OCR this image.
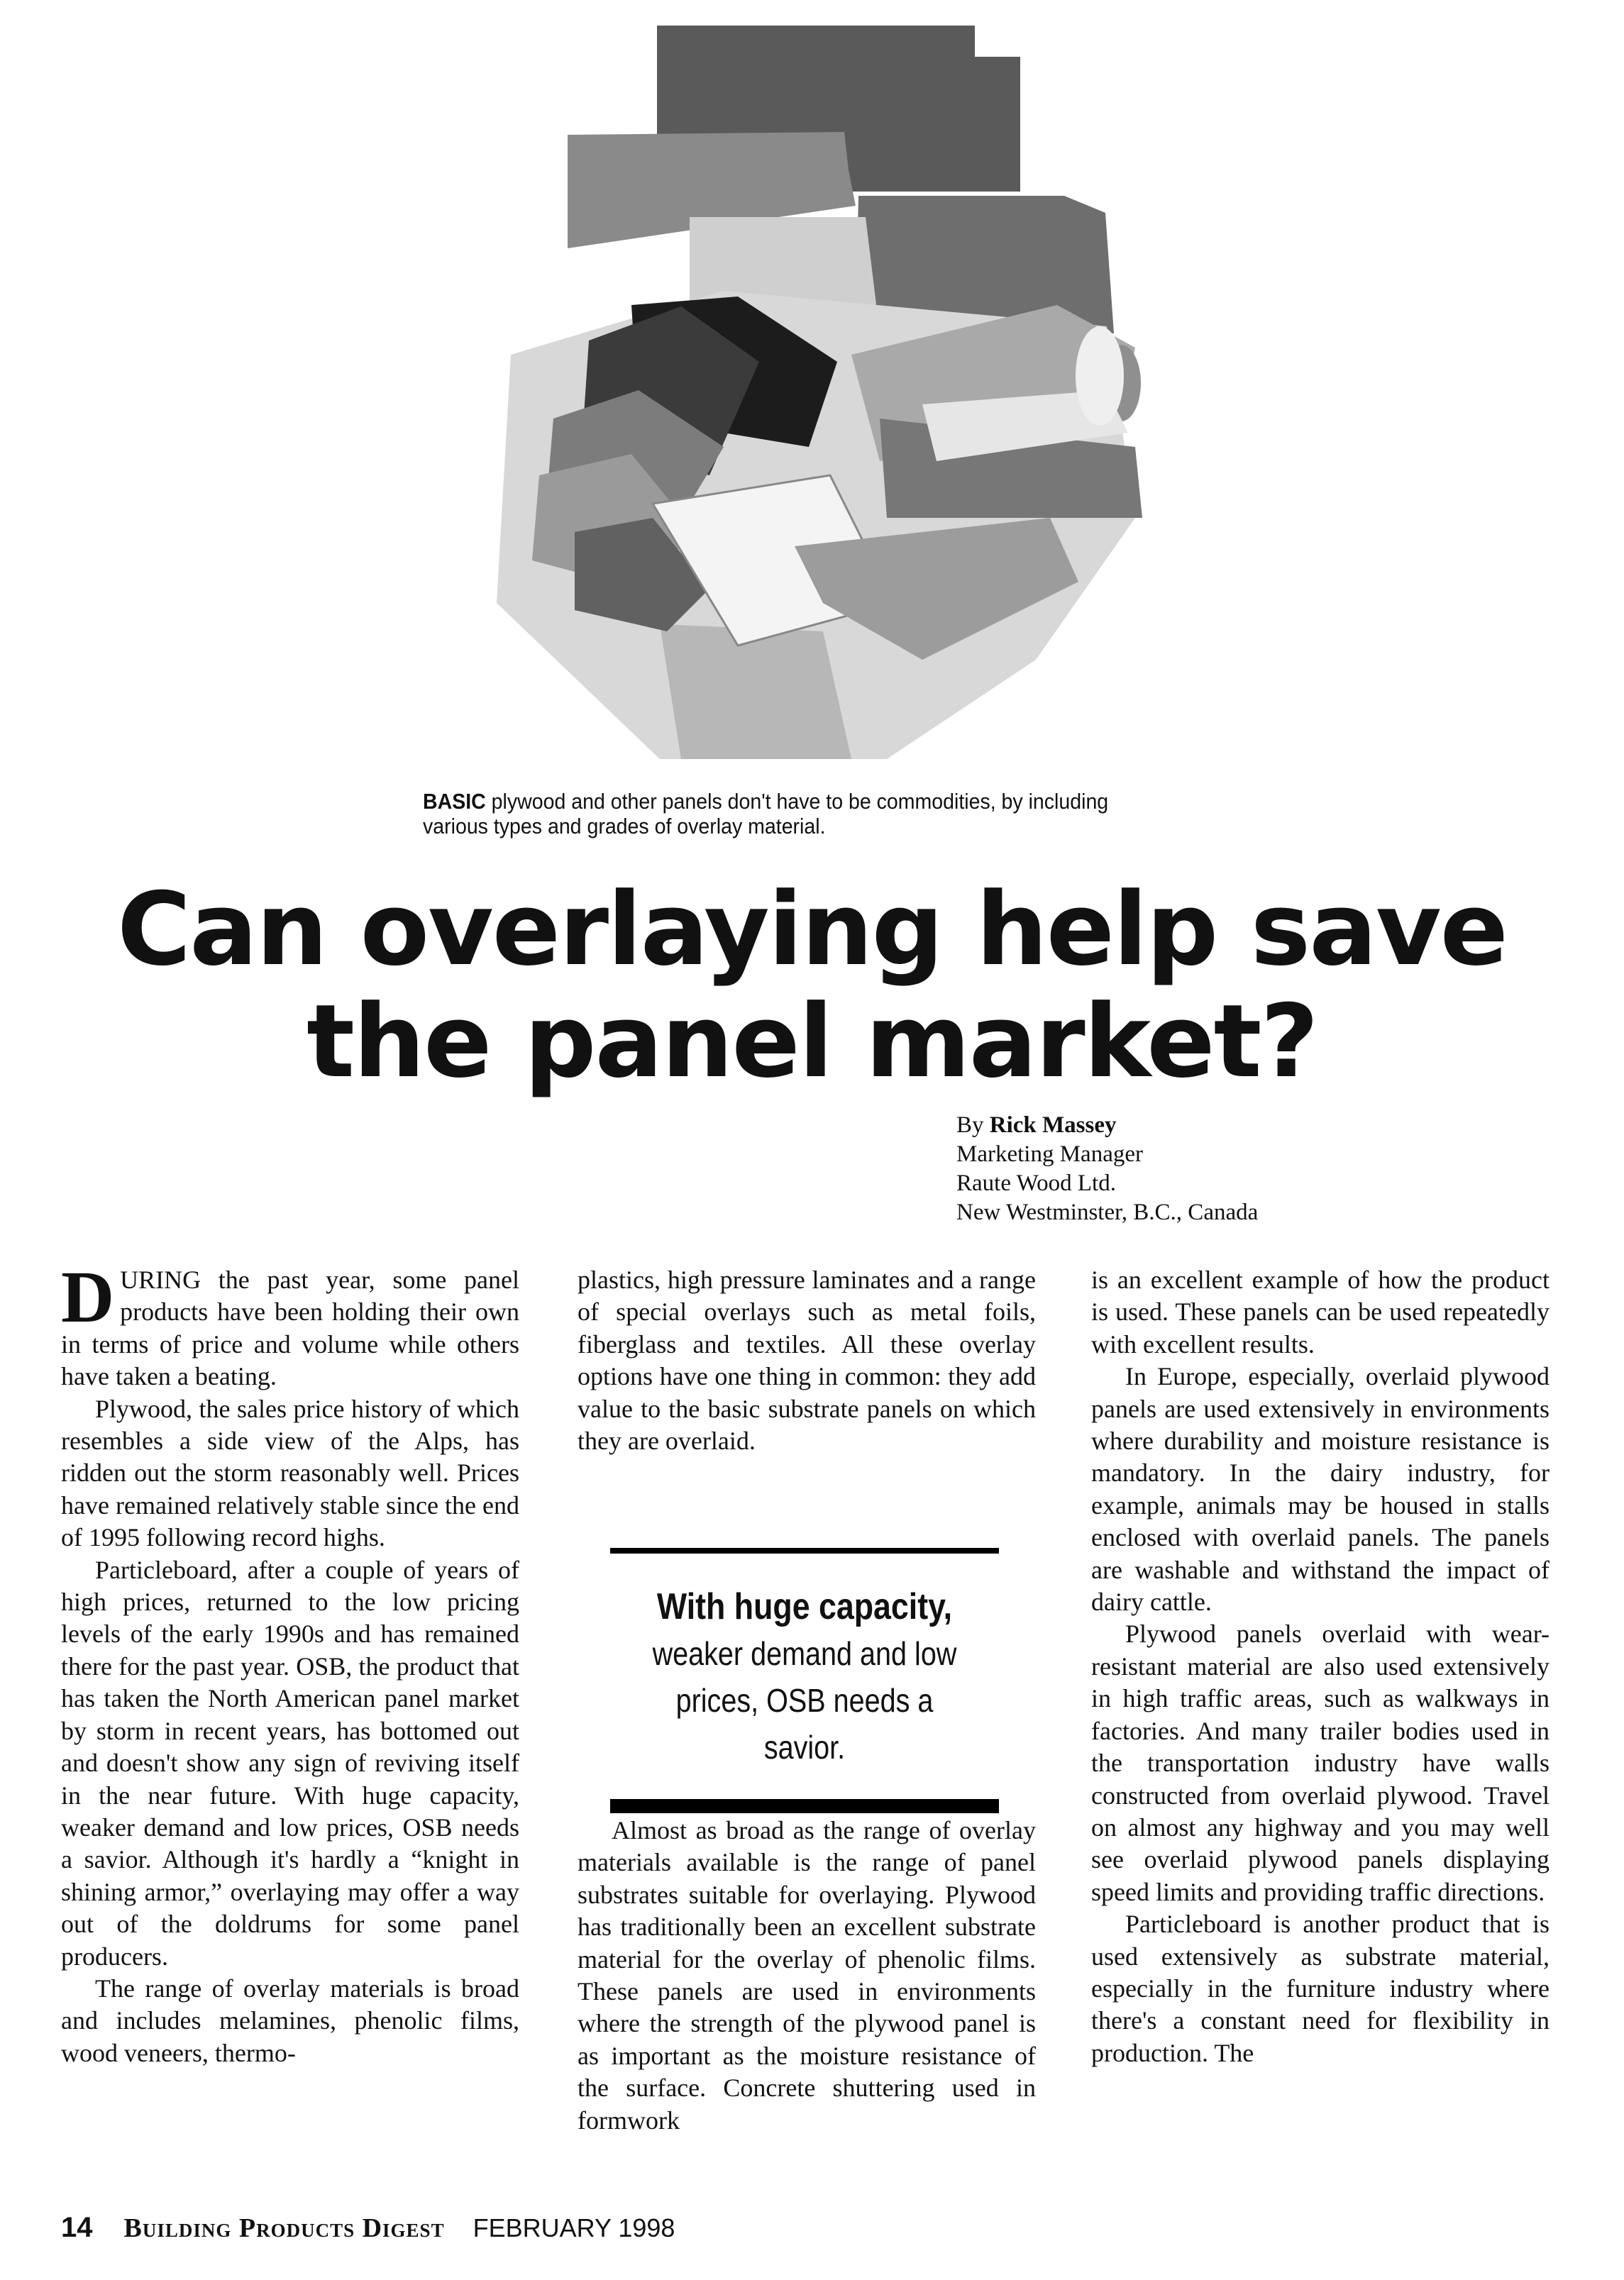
BASIC plywood and other panels don't have to be commodities, by including various types and grades of overlay material.
Can overlaying help save
the panel market?
By Rick Massey
Marketing Manager
Raute Wood Ltd.
New Westminster, B.C., Canada

DURING the past year, some panel products have been holding their own in terms of price and volume while others have taken a beating.

Plywood, the sales price history of which resembles a side view of the Alps, has ridden out the storm reasonably well. Prices have remained relatively stable since the end of 1995 following record highs.

Particleboard, after a couple of years of high prices, returned to the low pricing levels of the early 1990s and has remained there for the past year. OSB, the product that has taken the North American panel market by storm in recent years, has bottomed out and doesn't show any sign of reviving itself in the near future. With huge capacity, weaker demand and low prices, OSB needs a savior. Although it's hardly a “knight in shining armor,” overlaying may offer a way out of the doldrums for some panel producers.

The range of overlay materials is broad and includes melamines, phenolic films, wood veneers, thermo-

plastics, high pressure laminates and a range of special overlays such as metal foils, fiberglass and textiles. All these overlay options have one thing in common: they add value to the basic substrate panels on which they are overlaid.

With huge capacity,
weaker demand and low
prices, OSB needs a savior.

Almost as broad as the range of overlay materials available is the range of panel substrates suitable for overlaying. Plywood has traditionally been an excellent substrate material for the overlay of phenolic films. These panels are used in environments where the strength of the plywood panel is as important as the moisture resistance of the surface. Concrete shuttering used in formwork

is an excellent example of how the product is used. These panels can be used repeatedly with excellent results.

In Europe, especially, overlaid plywood panels are used extensively in environments where durability and moisture resistance is mandatory. In the dairy industry, for example, animals may be housed in stalls enclosed with overlaid panels. The panels are washable and withstand the impact of dairy cattle.

Plywood panels overlaid with wear-resistant material are also used extensively in high traffic areas, such as walkways in factories. And many trailer bodies used in the transportation industry have walls constructed from overlaid plywood. Travel on almost any highway and you may well see overlaid plywood panels displaying speed limits and providing traffic directions.

Particleboard is another product that is used extensively as substrate material, especially in the furniture industry where there's a constant need for flexibility in production. The

14 Building Products Digest FEBRUARY 1998
